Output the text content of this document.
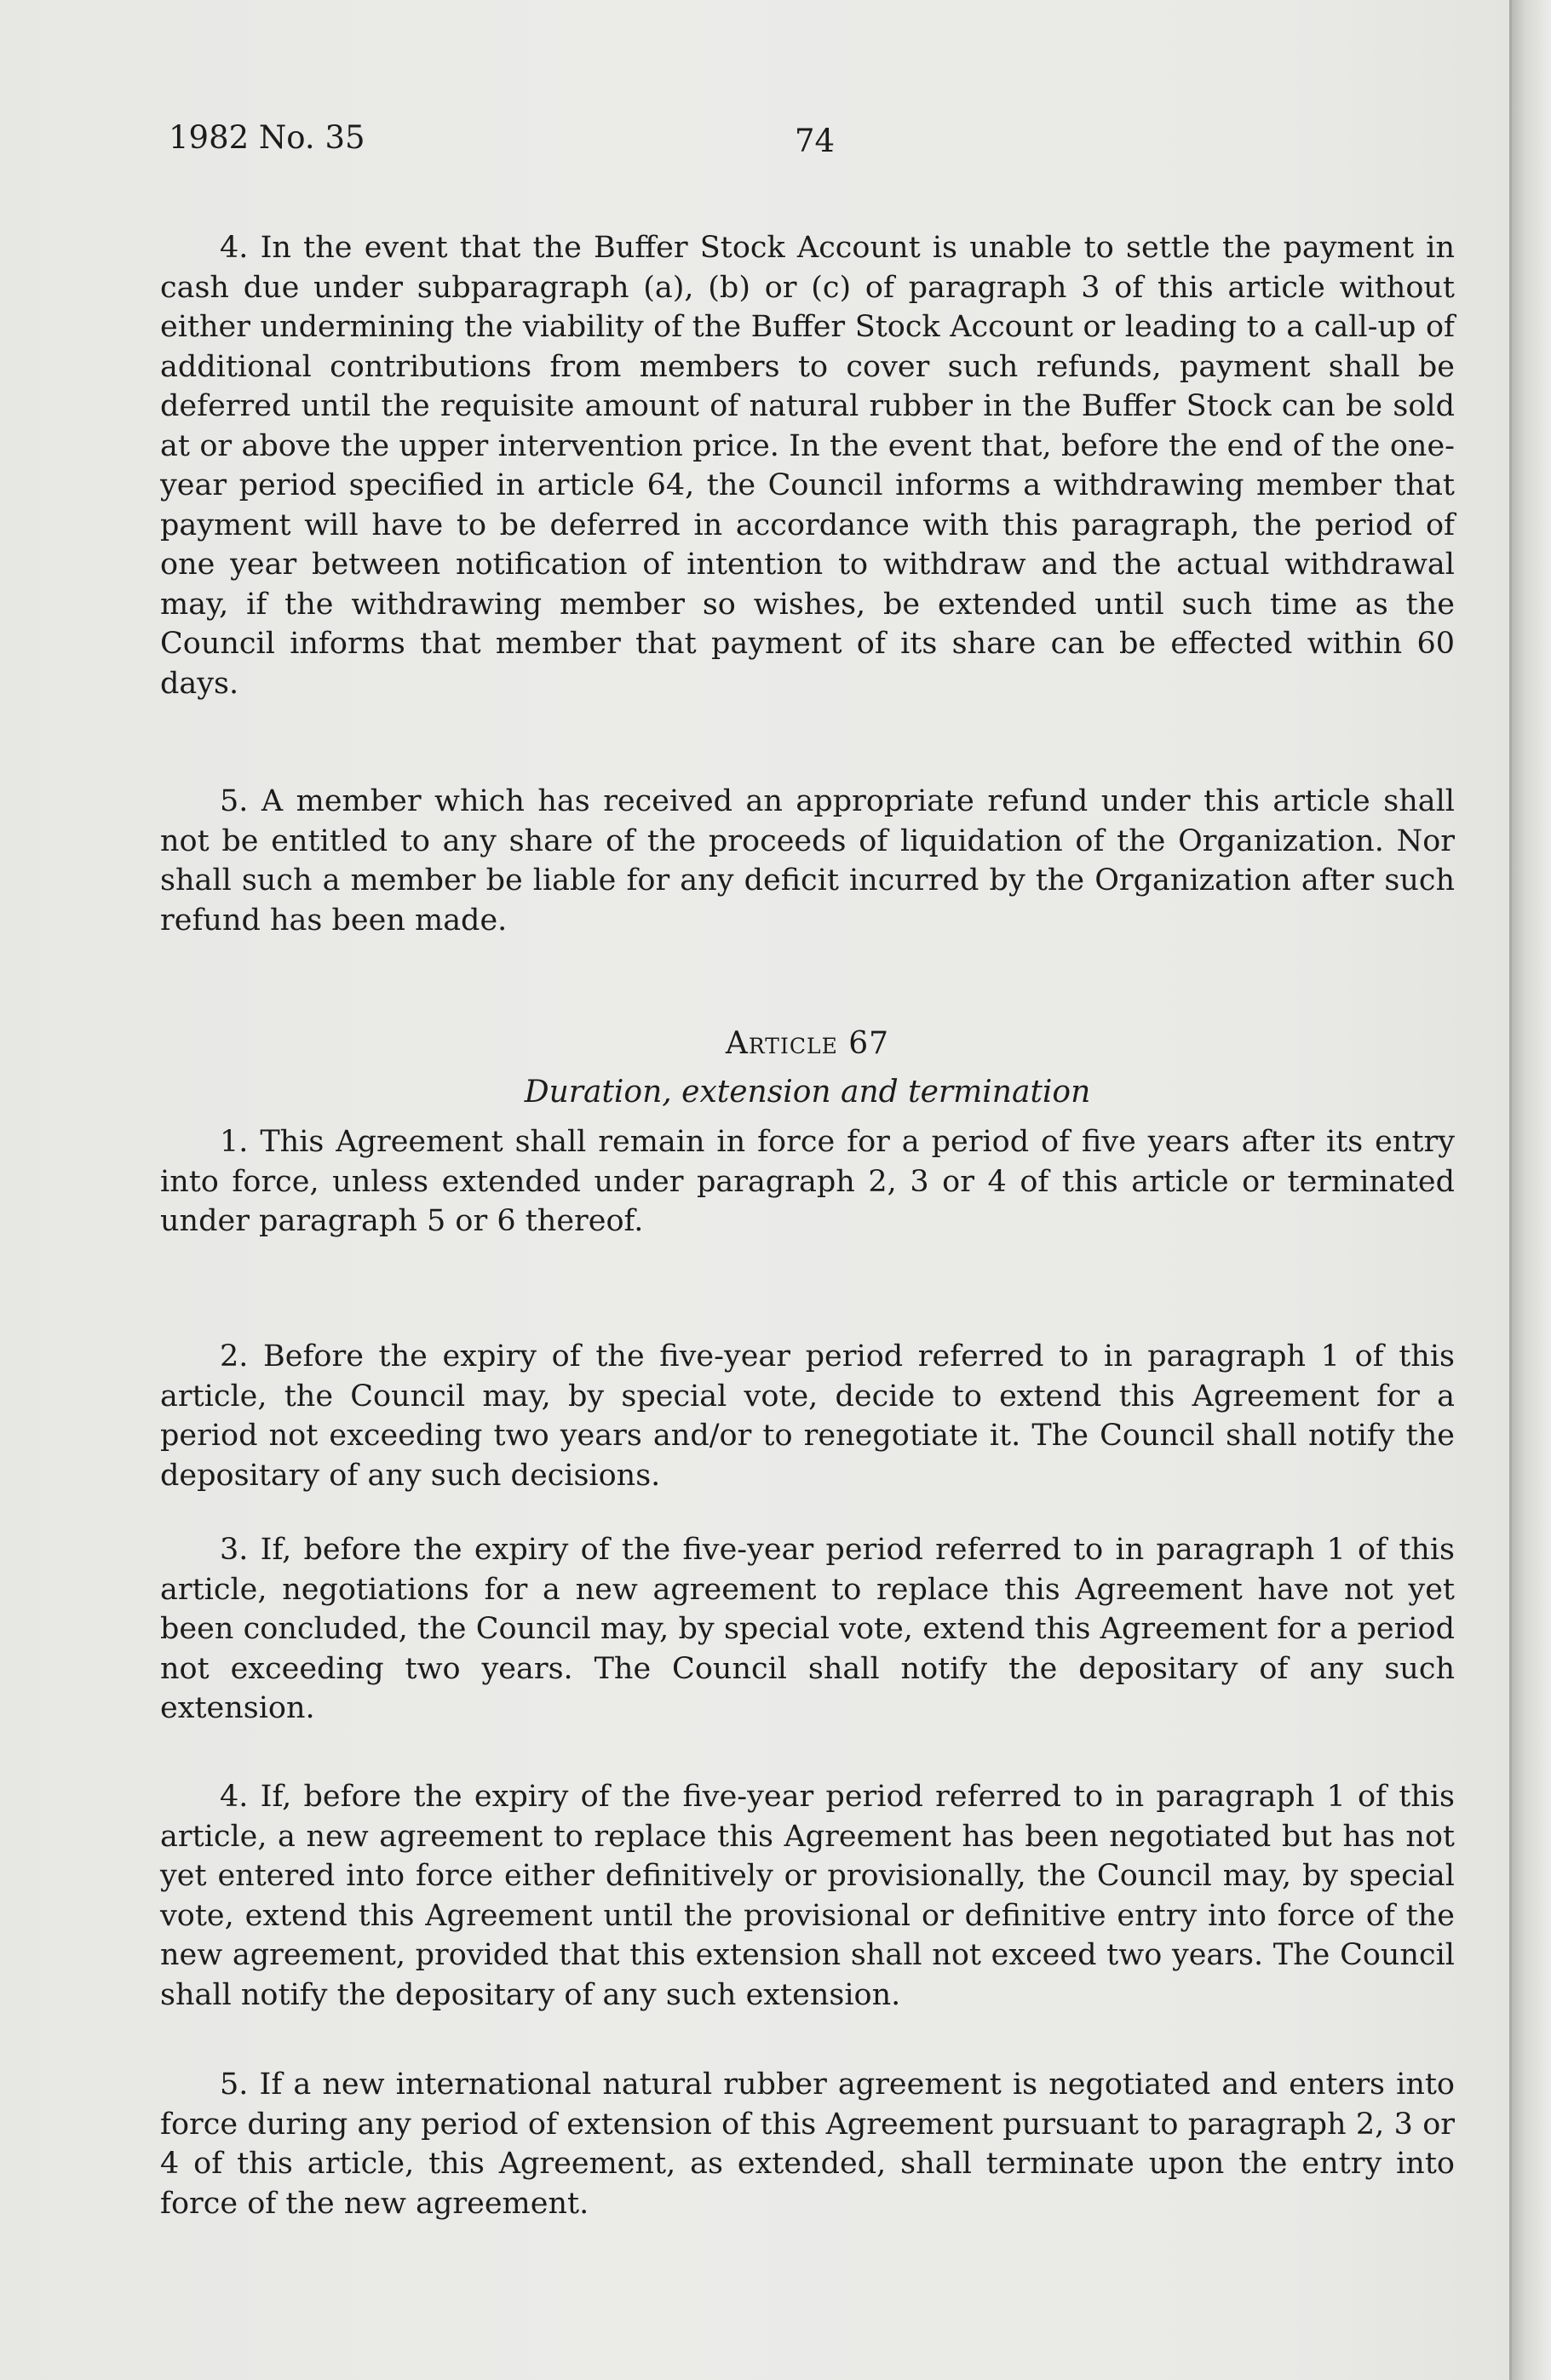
1982 No. 35	74

4. In the event that the Buffer Stock Account is unable to settle the payment in cash due under subparagraph (a), (b) or (c) of paragraph 3 of this article without either undermining the viability of the Buffer Stock Account or leading to a call-up of additional contributions from members to cover such refunds, payment shall be deferred until the requisite amount of natural rubber in the Buffer Stock can be sold at or above the upper intervention price. In the event that, before the end of the one-year period specified in article 64, the Council informs a withdrawing member that payment will have to be deferred in accordance with this paragraph, the period of one year between notification of intention to withdraw and the actual withdrawal may, if the withdrawing member so wishes, be extended until such time as the Council informs that member that payment of its share can be effected within 60 days.

5. A member which has received an appropriate refund under this article shall not be entitled to any share of the proceeds of liquidation of the Organization. Nor shall such a member be liable for any deficit incurred by the Organization after such refund has been made.

Article 67
Duration, extension and termination

1. This Agreement shall remain in force for a period of five years after its entry into force, unless extended under paragraph 2, 3 or 4 of this article or terminated under paragraph 5 or 6 thereof.

2. Before the expiry of the five-year period referred to in paragraph 1 of this article, the Council may, by special vote, decide to extend this Agreement for a period not exceeding two years and/or to renegotiate it. The Council shall notify the depositary of any such decisions.

3. If, before the expiry of the five-year period referred to in paragraph 1 of this article, negotiations for a new agreement to replace this Agreement have not yet been concluded, the Council may, by special vote, extend this Agreement for a period not exceeding two years. The Council shall notify the depositary of any such extension.

4. If, before the expiry of the five-year period referred to in paragraph 1 of this article, a new agreement to replace this Agreement has been negotiated but has not yet entered into force either definitively or provisionally, the Council may, by special vote, extend this Agreement until the provisional or definitive entry into force of the new agreement, provided that this extension shall not exceed two years. The Council shall notify the depositary of any such extension.

5. If a new international natural rubber agreement is negotiated and enters into force during any period of extension of this Agreement pursuant to paragraph 2, 3 or 4 of this article, this Agreement, as extended, shall terminate upon the entry into force of the new agreement.
